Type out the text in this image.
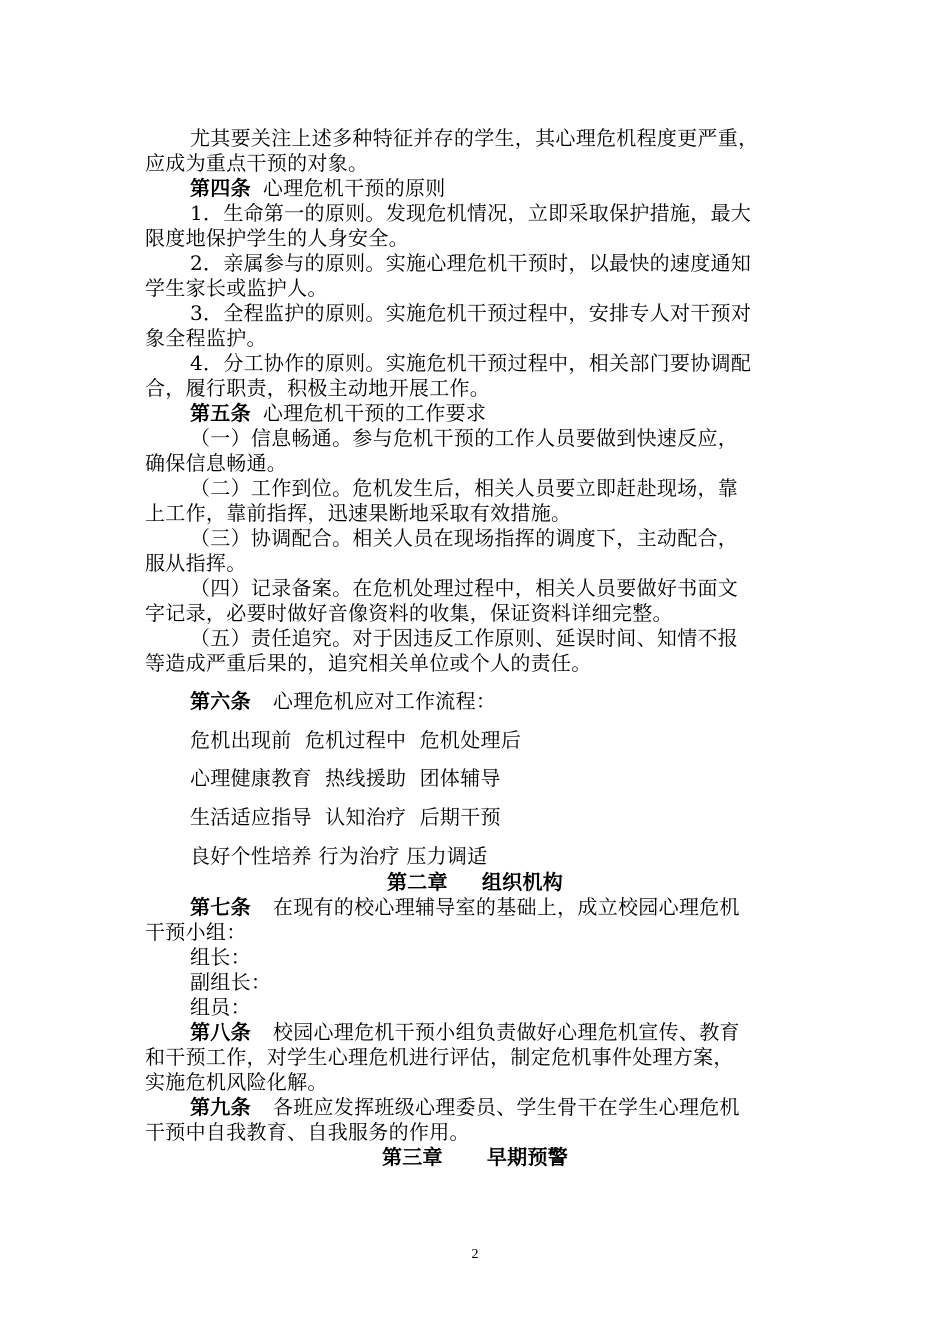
尤其要关注上述多种特征并存的学生，其心理危机程度更严重，
应成为重点干预的对象。
第四条 心理危机干预的原则
1．生命第一的原则。发现危机情况，立即采取保护措施，最大
限度地保护学生的人身安全。
2．亲属参与的原则。实施心理危机干预时，以最快的速度通知
学生家长或监护人。
3．全程监护的原则。实施危机干预过程中，安排专人对干预对
象全程监护。
4．分工协作的原则。实施危机干预过程中，相关部门要协调配
合，履行职责，积极主动地开展工作。
第五条 心理危机干预的工作要求
（一）信息畅通。参与危机干预的工作人员要做到快速反应，
确保信息畅通。
（二）工作到位。危机发生后，相关人员要立即赶赴现场，靠
上工作，靠前指挥，迅速果断地采取有效措施。
（三）协调配合。相关人员在现场指挥的调度下，主动配合，
服从指挥。
（四）记录备案。在危机处理过程中，相关人员要做好书面文
字记录，必要时做好音像资料的收集，保证资料详细完整。
（五）责任追究。对于因违反工作原则、延误时间、知情不报
等造成严重后果的，追究相关单位或个人的责任。
第六条 心理危机应对工作流程：
危机出现前  危机过程中  危机处理后
心理健康教育  热线援助  团体辅导
生活适应指导  认知治疗  后期干预
良好个性培养 行为治疗 压力调适
第二章 组织机构
第七条 在现有的校心理辅导室的基础上，成立校园心理危机
干预小组：
组长：
副组长：
组员：
第八条 校园心理危机干预小组负责做好心理危机宣传、教育
和干预工作，对学生心理危机进行评估，制定危机事件处理方案，
实施危机风险化解。
第九条 各班应发挥班级心理委员、学生骨干在学生心理危机
干预中自我教育、自我服务的作用。
第三章 早期预警
2
